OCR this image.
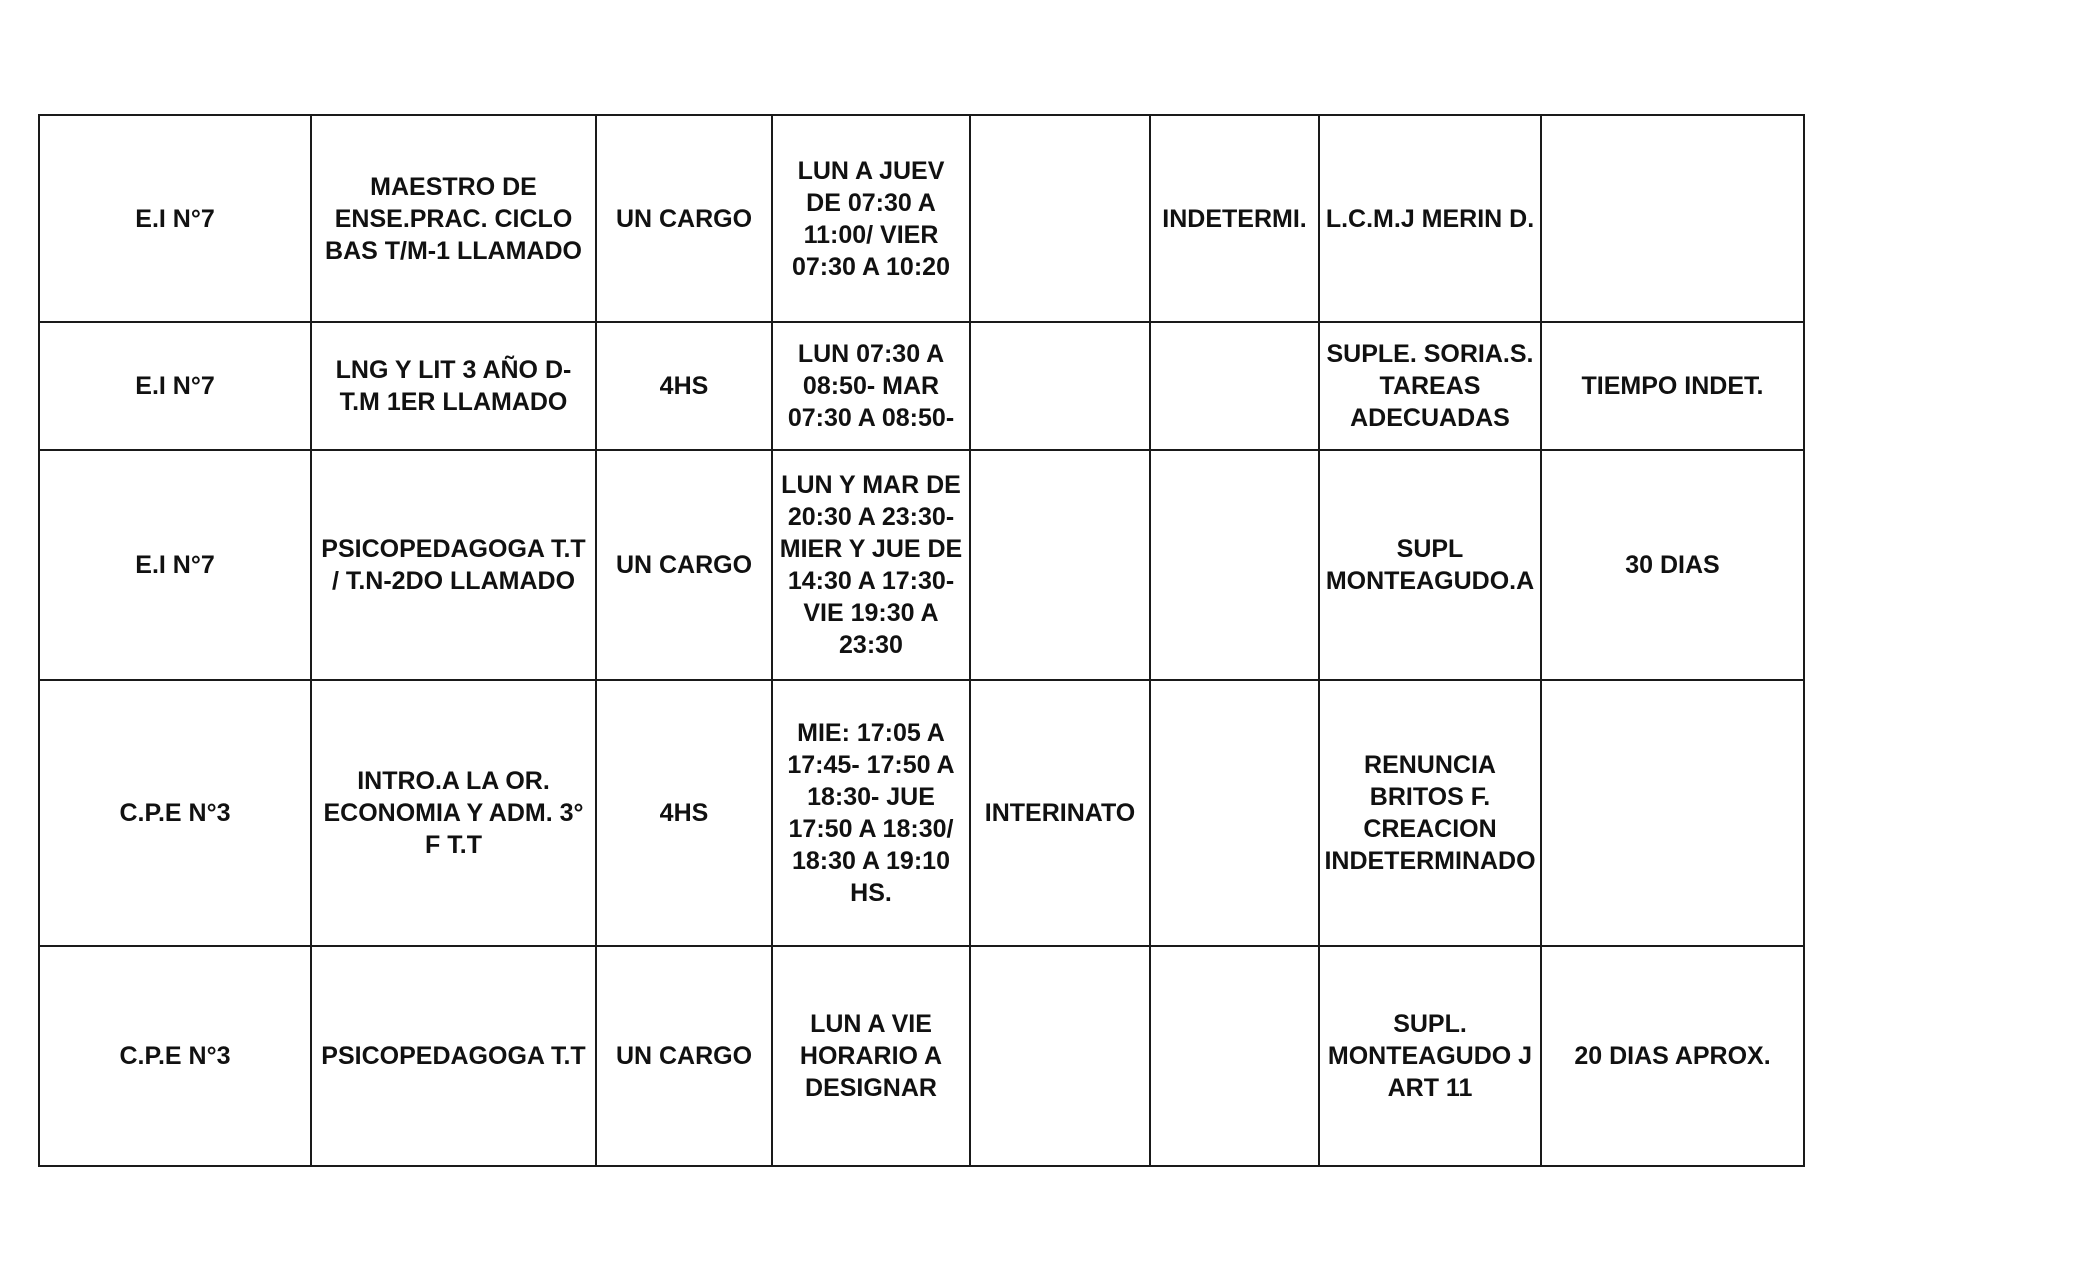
E.I N°7	MAESTRO DE ENSE.PRAC. CICLO BAS T/M-1 LLAMADO	UN CARGO	LUN A JUEV DE 07:30 A 11:00/ VIER 07:30 A 10:20		INDETERMI.	L.C.M.J MERIN D.	
E.I N°7	LNG Y LIT 3 AÑO D-T.M 1ER LLAMADO	4HS	LUN 07:30 A 08:50- MAR 07:30 A 08:50-			SUPLE. SORIA.S. TAREAS ADECUADAS	TIEMPO INDET.
E.I N°7	PSICOPEDAGOGA T.T / T.N-2DO LLAMADO	UN CARGO	LUN Y MAR DE 20:30 A 23:30- MIER Y JUE DE 14:30 A 17:30- VIE 19:30 A 23:30			SUPL MONTEAGUDO.A	30 DIAS
C.P.E N°3	INTRO.A LA OR. ECONOMIA Y ADM. 3° F T.T	4HS	MIE: 17:05 A 17:45- 17:50 A 18:30- JUE 17:50 A 18:30/ 18:30 A 19:10 HS.	INTERINATO		RENUNCIA BRITOS F. CREACION INDETERMINADO	
C.P.E N°3	PSICOPEDAGOGA T.T	UN CARGO	LUN A VIE HORARIO A DESIGNAR			SUPL. MONTEAGUDO J ART 11	20 DIAS APROX.
